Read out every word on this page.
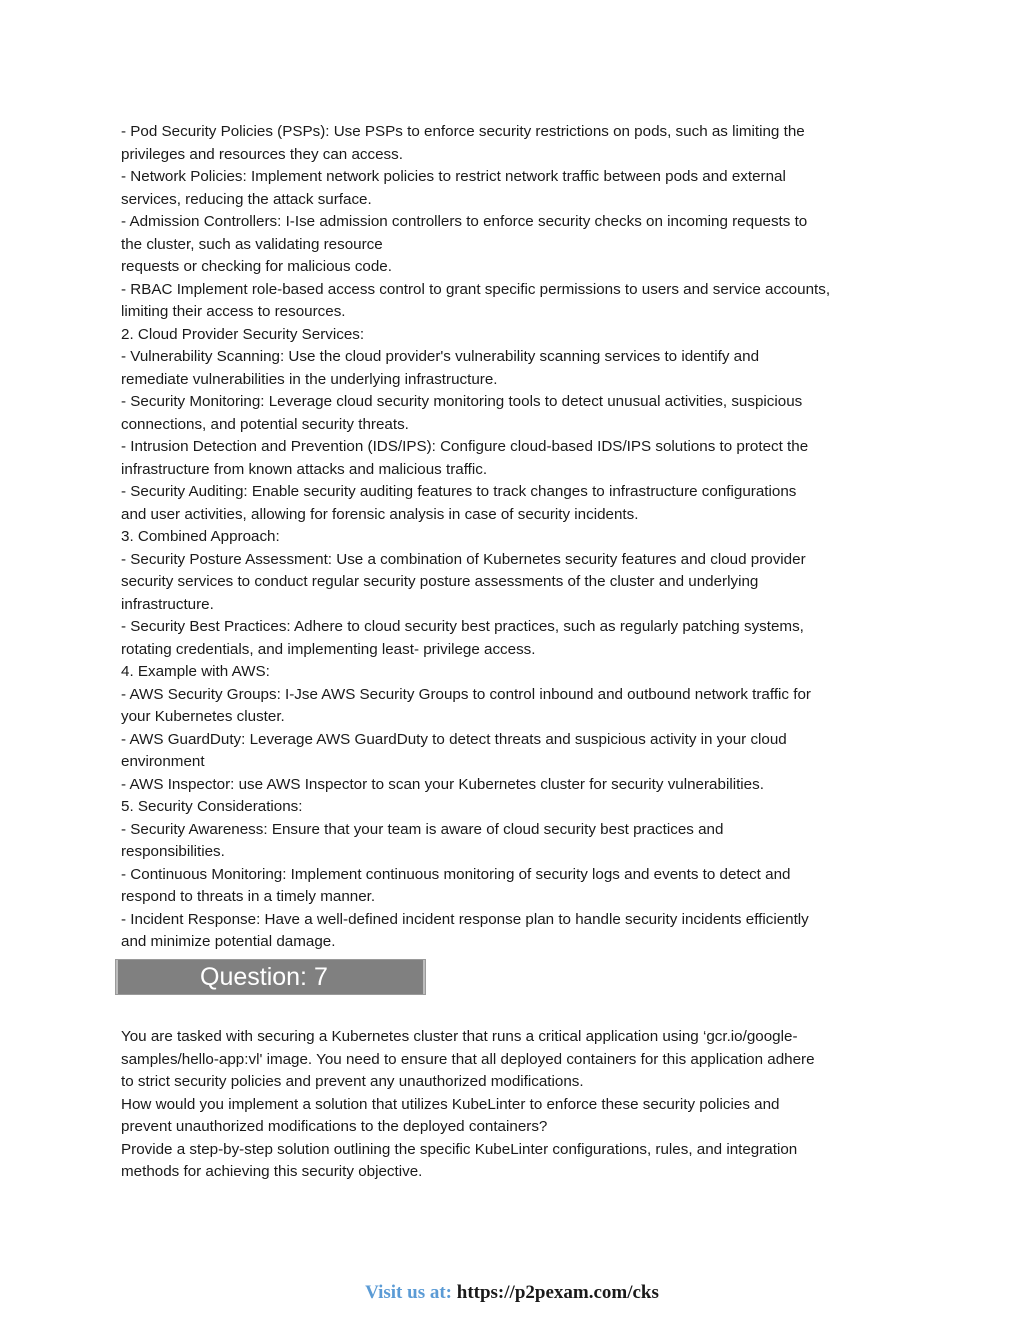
- Pod Security Policies (PSPs): Use PSPs to enforce security restrictions on pods, such as limiting the

privileges and resources they can access.

- Network Policies: Implement network policies to restrict network traffic between pods and external

services, reducing the attack surface.

- Admission Controllers: I-Ise admission controllers to enforce security checks on incoming requests to

the cluster, such as validating resource

requests or checking for malicious code.

- RBAC Implement role-based access control to grant specific permissions to users and service accounts,

limiting their access to resources.

2. Cloud Provider Security Services:

- Vulnerability Scanning: Use the cloud provider's vulnerability scanning services to identify and

remediate vulnerabilities in the underlying infrastructure.

- Security Monitoring: Leverage cloud security monitoring tools to detect unusual activities, suspicious

connections, and potential security threats.

- Intrusion Detection and Prevention (IDS/IPS): Configure cloud-based IDS/IPS solutions to protect the

infrastructure from known attacks and malicious traffic.

- Security Auditing: Enable security auditing features to track changes to infrastructure configurations

and user activities, allowing for forensic analysis in case of security incidents.

3. Combined Approach:

- Security Posture Assessment: Use a combination of Kubernetes security features and cloud provider

security services to conduct regular security posture assessments of the cluster and underlying

infrastructure.

- Security Best Practices: Adhere to cloud security best practices, such as regularly patching systems,

rotating credentials, and implementing least- privilege access.

4. Example with AWS:

- AWS Security Groups: I-Jse AWS Security Groups to control inbound and outbound network traffic for

your Kubernetes cluster.

- AWS GuardDuty: Leverage AWS GuardDuty to detect threats and suspicious activity in your cloud

environment

- AWS Inspector: use AWS Inspector to scan your Kubernetes cluster for security vulnerabilities.

5. Security Considerations:

- Security Awareness: Ensure that your team is aware of cloud security best practices and

responsibilities.

- Continuous Monitoring: Implement continuous monitoring of security logs and events to detect and

respond to threats in a timely manner.

- Incident Response: Have a well-defined incident response plan to handle security incidents efficiently

and minimize potential damage.

Question: 7

You are tasked with securing a Kubernetes cluster that runs a critical application using ‘gcr.io/google-

samples/hello-app:vl' image. You need to ensure that all deployed containers for this application adhere

to strict security policies and prevent any unauthorized modifications.

How would you implement a solution that utilizes KubeLinter to enforce these security policies and

prevent unauthorized modifications to the deployed containers?

Provide a step-by-step solution outlining the specific KubeLinter configurations, rules, and integration

methods for achieving this security objective.

Visit us at: https://p2pexam.com/cks
